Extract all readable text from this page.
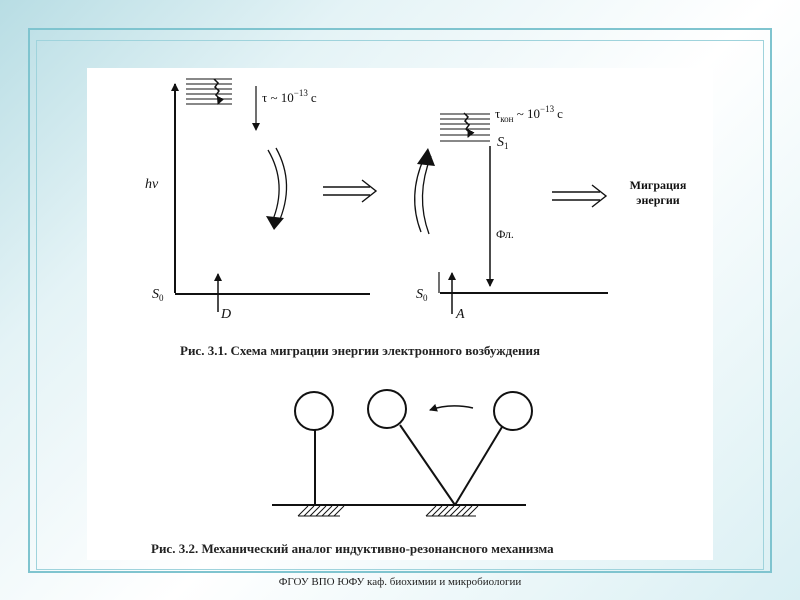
τ ~ $10^{-13}$ с
hν
$S_0$
D
$\tau_{кон}$ ~ $10^{-13}$ с
$S_1$
Фл.
$S_0$
A
Миграция
энергии
Рис. 3.1. Схема миграции энергии электронного возбуждения
Рис. 3.2. Механический аналог индуктивно-резонансного механизма
ФГОУ ВПО ЮФУ каф. биохимии и микробиологии
